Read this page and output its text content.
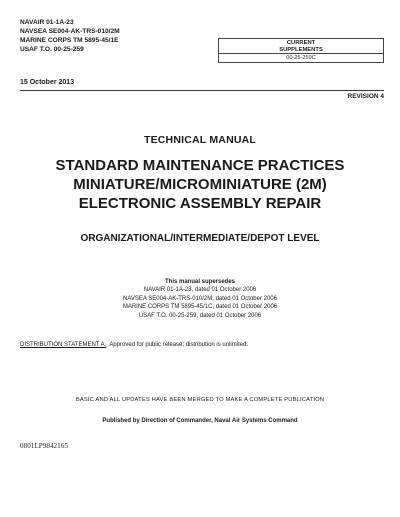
NAVAIR 01-1A-23
NAVSEA SE004-AK-TRS-010/2M
MARINE CORPS TM 5895-45/1E
USAF T.O. 00-25-259
CURRENT
SUPPLEMENTS
00-25-259C
15 October 2013
REVISION 4
TECHNICAL MANUAL
STANDARD MAINTENANCE PRACTICES
MINIATURE/MICROMINIATURE (2M)
ELECTRONIC ASSEMBLY REPAIR
ORGANIZATIONAL/INTERMEDIATE/DEPOT LEVEL
This manual supersedes
NAVAIR 01-1A-23, dated 01 October 2006
NAVSEA SE004-AK-TRS-010/2M, dated 01 October 2006
MARINE CORPS TM 5895-45/1C, dated 01 October 2006
USAF T.O. 00-25-259, dated 01 October 2006
DISTRIBUTION STATEMENT A.  Approved for public release; distribution is unlimited.
BASIC AND ALL UPDATES HAVE BEEN MERGED TO MAKE A COMPLETE PUBLICATION
Published by Direction of Commander, Naval Air Systems Command
0801LP9842165
